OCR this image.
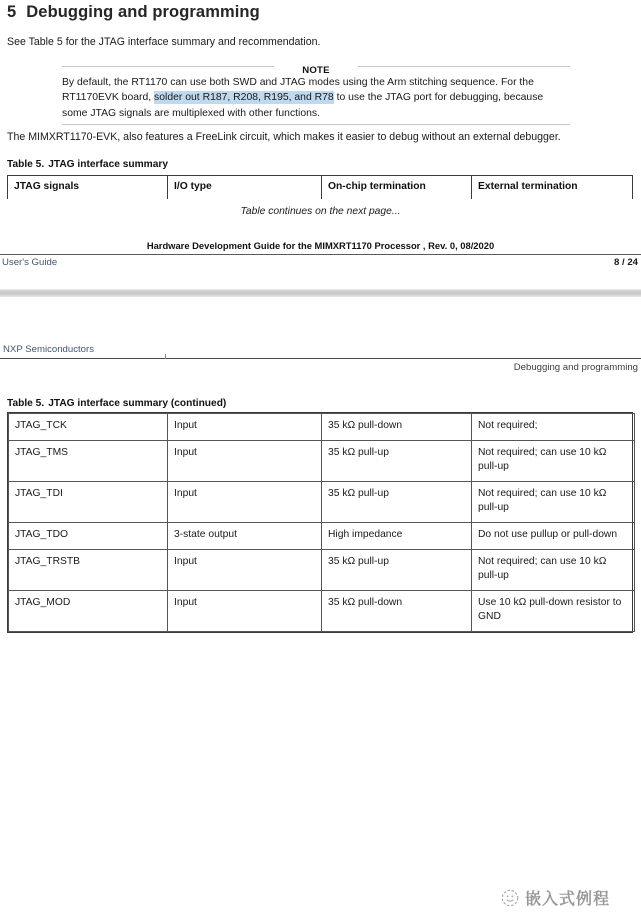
5 Debugging and programming
See Table 5 for the JTAG interface summary and recommendation.
NOTE
By default, the RT1170 can use both SWD and JTAG modes using the Arm stitching sequence. For the RT1170EVK board, solder out R187, R208, R195, and R78 to use the JTAG port for debugging, because some JTAG signals are multiplexed with other functions.
The MIMXRT1170-EVK, also features a FreeLink circuit, which makes it easier to debug without an external debugger.
Table 5. JTAG interface summary
JTAG signals	I/O type	On-chip termination	External termination
Table continues on the next page...
Hardware Development Guide for the MIMXRT1170 Processor , Rev. 0, 08/2020
User's Guide	8 / 24
NXP Semiconductors
Debugging and programming
Table 5. JTAG interface summary (continued)
JTAG_TCK	Input	35 kΩ pull-down	Not required;
JTAG_TMS	Input	35 kΩ pull-up	Not required; can use 10 kΩ pull-up
JTAG_TDI	Input	35 kΩ pull-up	Not required; can use 10 kΩ pull-up
JTAG_TDO	3-state output	High impedance	Do not use pullup or pull-down
JTAG_TRSTB	Input	35 kΩ pull-up	Not required; can use 10 kΩ pull-up
JTAG_MOD	Input	35 kΩ pull-down	Use 10 kΩ pull-down resistor to GND
嵌入式例程
